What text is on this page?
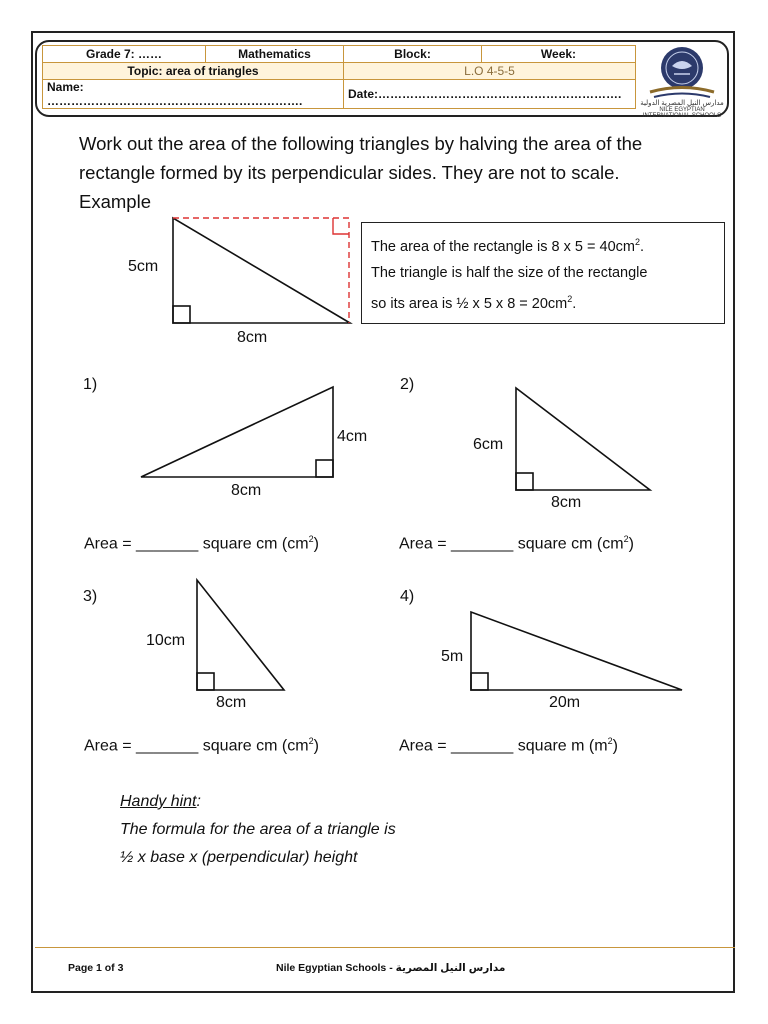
Grade 7: ……	Mathematics	Block:	Week:
Topic: area of triangles		L.O 4-5-5	
Name: ……………………………………………………….		Date:…………………………………………………….	
مدارس النيل المصرية الدولية
NILE EGYPTIAN INTERNATIONAL SCHOOLS
Work out the area of the following triangles by halving the area of the
rectangle formed by its perpendicular sides. They are not to scale.
Example
5cm
8cm
The area of the rectangle is 8 x $5 = 40cm^2$.
The triangle is half the size of the rectangle
so its area is ½ x 5 x $8 = 20cm^2$.
1)
4cm
8cm
Area = _______ square cm $(cm^2)$
2)
6cm
8cm
Area = _______ square cm $(cm^2)$
3)
10cm
8cm
Area = _______ square cm $(cm^2)$
4)
5m
20m
Area = _______ square m $(m^2)$
Handy hint:
The formula for the area of a triangle is
½ x base x (perpendicular) height
Page 1 of 3	Nile Egyptian Schools - مدارس النيل المصرية
